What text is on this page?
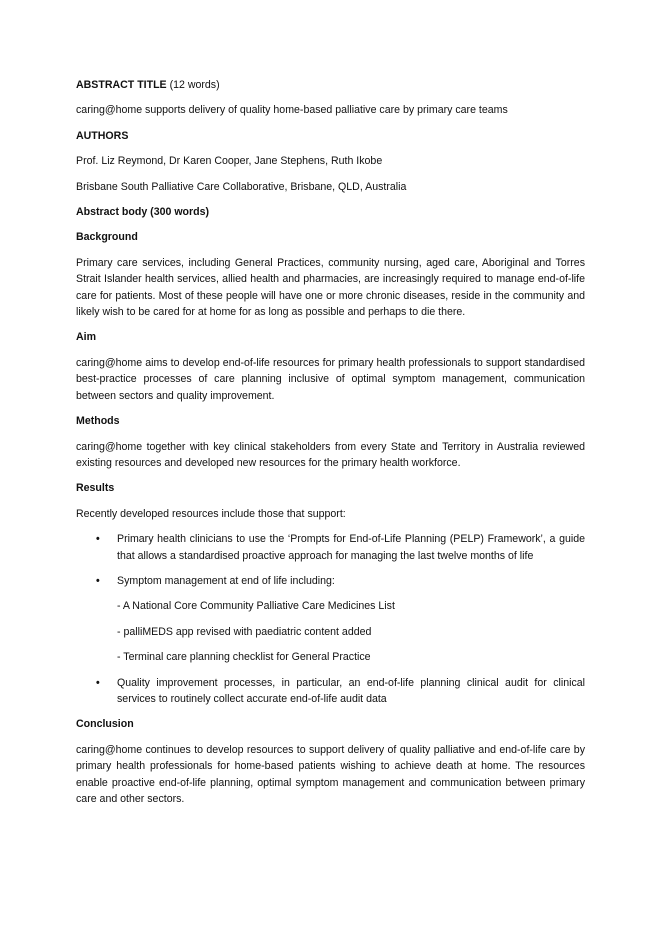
ABSTRACT TITLE (12 words)

caring@home supports delivery of quality home-based palliative care by primary care teams

AUTHORS

Prof. Liz Reymond, Dr Karen Cooper, Jane Stephens, Ruth Ikobe

Brisbane South Palliative Care Collaborative, Brisbane, QLD, Australia

Abstract body (300 words)

Background

Primary care services, including General Practices, community nursing, aged care, Aboriginal and Torres Strait Islander health services, allied health and pharmacies, are increasingly required to manage end-of-life care for patients. Most of these people will have one or more chronic diseases, reside in the community and likely wish to be cared for at home for as long as possible and perhaps to die there.

Aim

caring@home aims to develop end-of-life resources for primary health professionals to support standardised best-practice processes of care planning inclusive of optimal symptom management, communication between sectors and quality improvement.

Methods

caring@home together with key clinical stakeholders from every State and Territory in Australia reviewed existing resources and developed new resources for the primary health workforce.

Results

Recently developed resources include those that support:

• Primary health clinicians to use the ‘Prompts for End-of-Life Planning (PELP) Framework’, a guide that allows a standardised proactive approach for managing the last twelve months of life
• Symptom management at end of life including:
- A National Core Community Palliative Care Medicines List
- palliMEDS app revised with paediatric content added
- Terminal care planning checklist for General Practice
• Quality improvement processes, in particular, an end-of-life planning clinical audit for clinical services to routinely collect accurate end-of-life audit data

Conclusion

caring@home continues to develop resources to support delivery of quality palliative and end-of-life care by primary health professionals for home-based patients wishing to achieve death at home. The resources enable proactive end-of-life planning, optimal symptom management and communication between primary care and other sectors.
